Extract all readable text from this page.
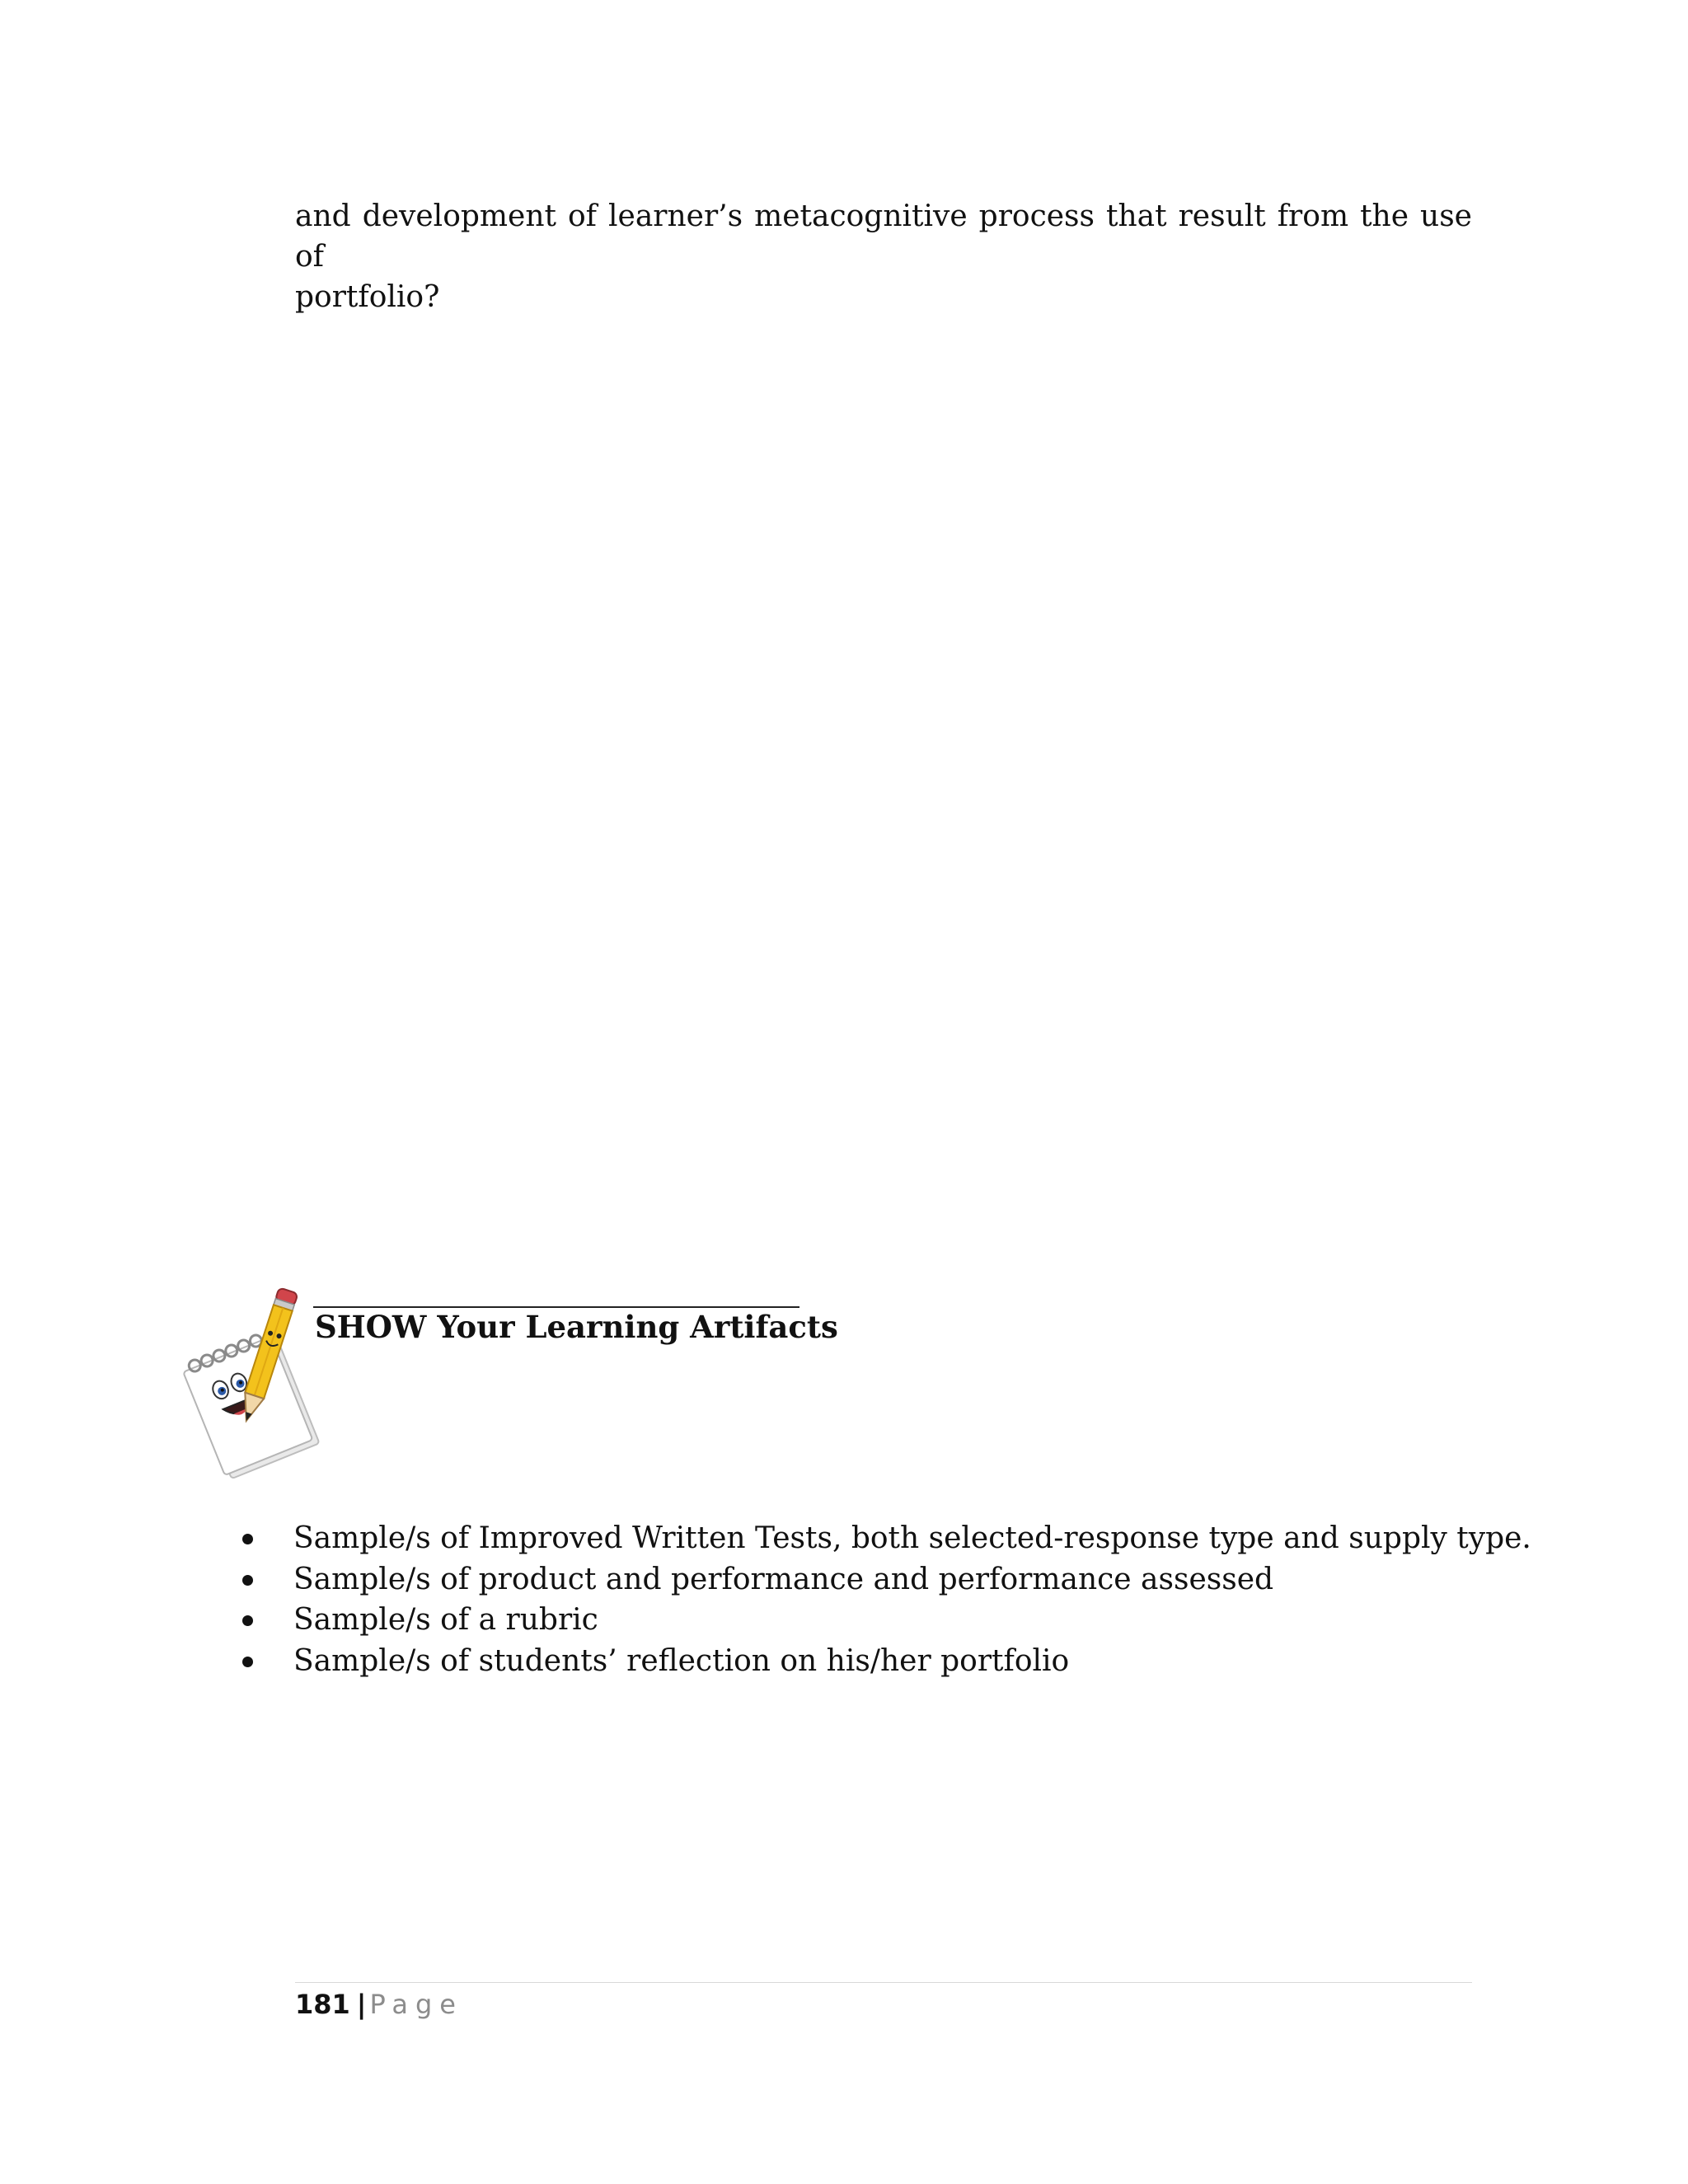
and development of learner’s metacognitive process that result from the use of
portfolio?

SHOW Your Learning Artifacts
Sample/s of Improved Written Tests, both selected-response type and supply type.
Sample/s of product and performance and performance assessed
Sample/s of a rubric
Sample/s of students’ reflection on his/her portfolio
181 | Page
